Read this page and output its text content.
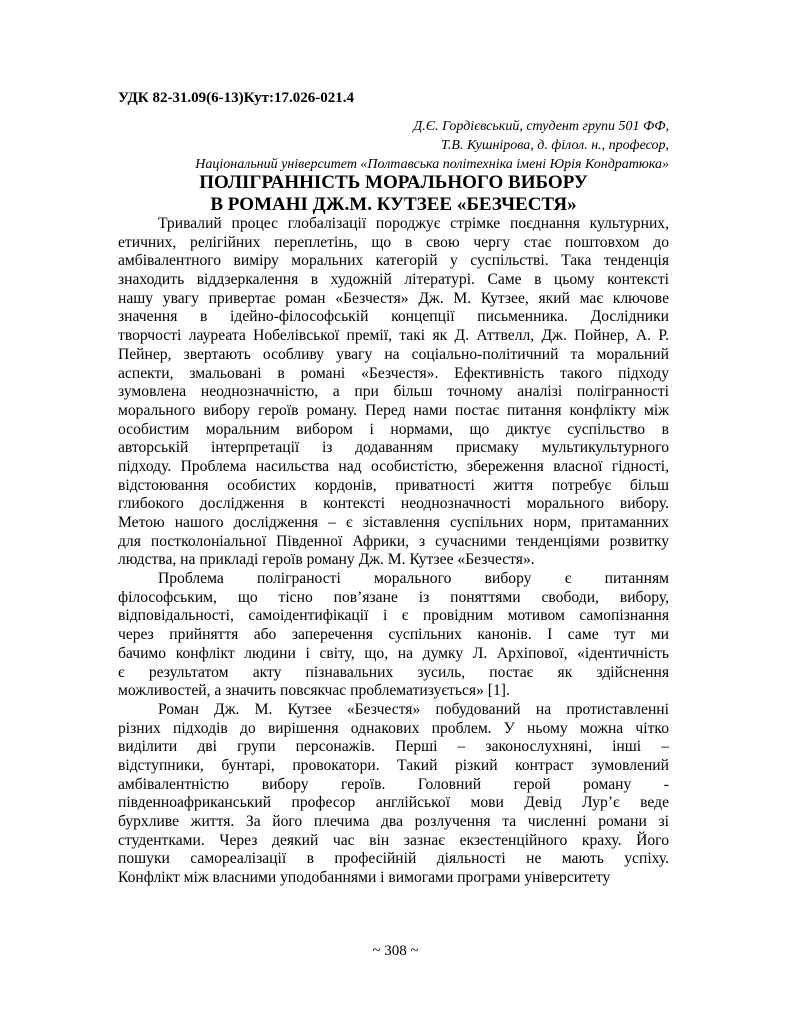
УДК 82-31.09(6-13)Кут:17.026-021.4
Д.Є. Гордієвський, студент групи 501 ФФ,
Т.В. Кушнірова, д. філол. н., професор,
Національний університет «Полтавська політехніка імені Юрія Кондратюка»
ПОЛІГРАННІСТЬ МОРАЛЬНОГО ВИБОРУ
В РОМАНІ ДЖ.М. КУТЗЕЕ «БЕЗЧЕСТЯ»
Тривалий процес глобалізації породжує стрімке поєднання культурних,
етичних, релігійних переплетінь, що в свою чергу стає поштовхом до
амбівалентного виміру моральних категорій у суспільстві. Така тенденція
знаходить віддзеркалення в художній літературі. Саме в цьому контексті
нашу увагу привертає роман «Безчестя» Дж. М. Кутзее, який має ключове
значення в ідейно-філософській концепції письменника. Дослідники
творчості лауреата Нобелівської премії, такі як Д. Аттвелл, Дж. Пойнер, А. Р.
Пейнер, звертають особливу увагу на соціально-політичний та моральний
аспекти, змальовані в романі «Безчестя». Ефективність такого підходу
зумовлена неоднозначністю, а при більш точному аналізі полігранності
морального вибору героїв роману. Перед нами постає питання конфлікту між
особистим моральним вибором і нормами, що диктує суспільство в
авторській інтерпретації із додаванням присмаку мультикультурного
підходу. Проблема насильства над особистістю, збереження власної гідності,
відстоювання особистих кордонів, приватності життя потребує більш
глибокого дослідження в контексті неоднозначності морального вибору.
Метою нашого дослідження – є зіставлення суспільних норм, притаманних
для постколоніальної Південної Африки, з сучасними тенденціями розвитку
людства, на прикладі героїв роману Дж. М. Кутзее «Безчестя».
Проблема поліграності морального вибору є питанням
філософським, що тісно пов’язане із поняттями свободи, вибору,
відповідальності, самоідентифікації і є провідним мотивом самопізнання
через прийняття або заперечення суспільних канонів. І саме тут ми
бачимо конфлікт людини і світу, що, на думку Л. Архіпової, «ідентичність
є результатом акту пізнавальних зусиль, постає як здійснення
можливостей, а значить повсякчас проблематизується» [1].
Роман Дж. М. Кутзее «Безчестя» побудований на протиставленні
різних підходів до вирішення однакових проблем. У ньому можна чітко
виділити дві групи персонажів. Перші – законослухняні, інші –
відступники, бунтарі, провокатори. Такий різкий контраст зумовлений
амбівалентністю вибору героїв. Головний герой роману -
південноафриканський професор англійської мови Девід Лур’є веде
бурхливе життя. За його плечима два розлучення та численні романи зі
студентками. Через деякий час він зазнає екзестенційного краху. Його
пошуки самореалізації в професійній діяльності не мають успіху.
Конфлікт між власними уподобаннями і вимогами програми університету
~ 308 ~
